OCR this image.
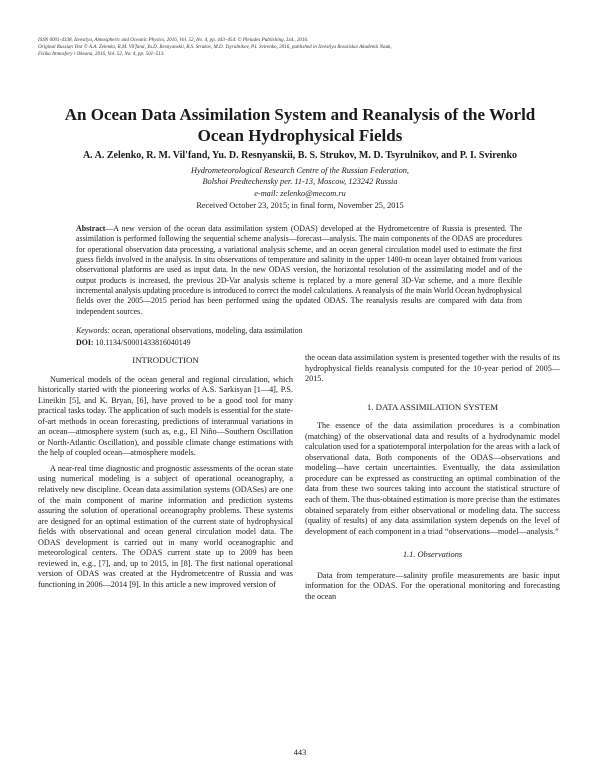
ISSN 0001-4338, Izvestiya, Atmospheric and Oceanic Physics, 2016, Vol. 52, No. 4, pp. 443–454. © Pleiades Publishing, Ltd., 2016.
Original Russian Text © A.A. Zelenko, R.M. Vil'fand, Yu.D. Resnyanskii, B.S. Strukov, M.D. Tsyrulnikov, P.I. Svirenko, 2016, published in Izvestiya Rossiiskoi Akademii Nauk,
Fizika Atmosfery i Okeana, 2016, Vol. 52, No. 4, pp. 501–513.
An Ocean Data Assimilation System and Reanalysis of the World Ocean Hydrophysical Fields
A. A. Zelenko, R. M. Vil'fand, Yu. D. Resnyanskii, B. S. Strukov, M. D. Tsyrulnikov, and P. I. Svirenko
Hydrometeorological Research Centre of the Russian Federation,
Bolshoi Predtechensky per. 11-13, Moscow, 123242 Russia
e-mail: zelenko@mecom.ru
Received October 23, 2015; in final form, November 25, 2015
Abstract—A new version of the ocean data assimilation system (ODAS) developed at the Hydrometcentre of Russia is presented. The assimilation is performed following the sequential scheme analysis—forecast—analysis. The main components of the ODAS are procedures for operational observation data processing, a variational analysis scheme, and an ocean general circulation model used to estimate the first guess fields involved in the analysis. In situ observations of temperature and salinity in the upper 1400-m ocean layer obtained from various observational platforms are used as input data. In the new ODAS version, the horizontal resolution of the assimilating model and of the output products is increased, the previous 2D-Var analysis scheme is replaced by a more general 3D-Var scheme, and a more flexible incremental analysis updating procedure is introduced to correct the model calculations. A reanalysis of the main World Ocean hydrophysical fields over the 2005—2015 period has been performed using the updated ODAS. The reanalysis results are compared with data from independent sources.
Keywords: ocean, operational observations, modeling, data assimilation
DOI: 10.1134/S0001433816040149
INTRODUCTION

Numerical models of the ocean general and regional circulation, which historically started with the pioneering works of A.S. Sarkisyan [1—4], P.S. Lineikin [5], and K. Bryan, [6], have proved to be a good tool for many practical tasks today. The application of such models is essential for the state-of-art methods in ocean forecasting, predictions of interannual variations in an ocean—atmosphere system (such as, e.g., El Niño—Southern Oscillation or North-Atlantic Oscillation), and possible climate change estimations with the help of coupled ocean—atmosphere models.

A near-real time diagnostic and prognostic assessments of the ocean state using numerical modeling is a subject of operational oceanography, a relatively new discipline. Ocean data assimilation systems (ODASes) are one of the main component of marine information and prediction systems assuring the solution of operational oceanography problems. These systems are designed for an optimal estimation of the current state of hydrophysical fields with observational and ocean general circulation model data. The ODAS development is carried out in many world oceanographic and meteorological centers. The ODAS current state up to 2009 has been reviewed in, e.g., [7], and, up to 2015, in [8]. The first national operational version of ODAS was created at the Hydrometcentre of Russia and was functioning in 2006—2014 [9]. In this article a new improved version of

the ocean data assimilation system is presented together with the results of its hydrophysical fields reanalysis computed for the 10-year period of 2005—2015.

1. DATA ASSIMILATION SYSTEM

The essence of the data assimilation procedures is a combination (matching) of the observational data and results of a hydrodynamic model calculation used for a spatiotemporal interpolation for the areas with a lack of observational data. Both components of the ODAS—observations and modeling—have certain uncertainties. Eventually, the data assimilation procedure can be expressed as constructing an optimal combination of the data from these two sources taking into account the statistical structure of each of them. The thus-obtained estimation is more precise than the estimates obtained separately from either observational or modeling data. The success (quality of results) of any data assimilation system depends on the level of development of each component in a triad “observations—model—analysis.”

1.1. Observations

Data from temperature—salinity profile measurements are basic input information for the ODAS. For the operational monitoring and forecasting the ocean

443
